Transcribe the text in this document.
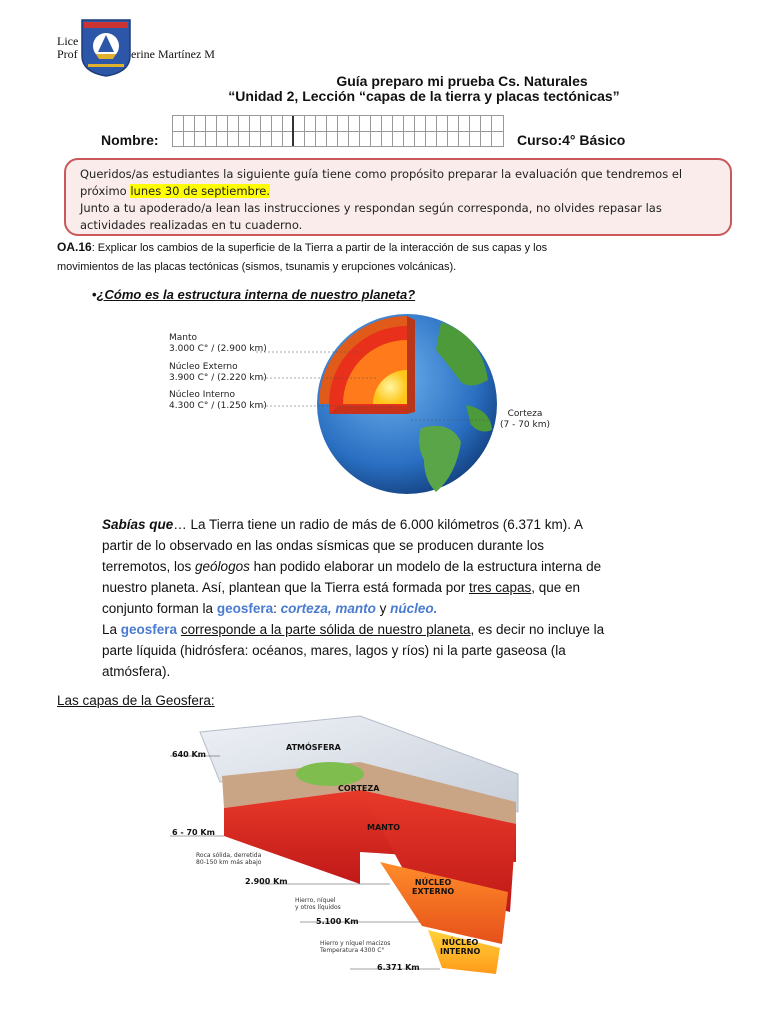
Lice
Prof	erine Martínez M
Guía preparo mi prueba Cs. Naturales
“Unidad 2, Lección “capas de la tierra y placas tectónicas”
Nombre:	Curso:4° Básico
Queridos/as estudiantes la siguiente guía tiene como propósito preparar la evaluación que tendremos el
próximo lunes 30 de septiembre.
Junto a tu apoderado/a lean las instrucciones y respondan según corresponda, no olvides repasar las
actividades realizadas en tu cuaderno.
OA.16: Explicar los cambios de la superficie de la Tierra a partir de la interacción de sus capas y los
movimientos de las placas tectónicas (sismos, tsunamis y erupciones volcánicas).
•¿Cómo es la estructura interna de nuestro planeta?
Manto
3.000 C° / (2.900 km)
Núcleo Externo
3.900 C° / (2.220 km)
Núcleo Interno
4.300 C° / (1.250 km)
Corteza
(7 - 70 km)
Sabías que… La Tierra tiene un radio de más de 6.000 kilómetros (6.371 km). A
partir de lo observado en las ondas sísmicas que se producen durante los
terremotos, los geólogos han podido elaborar un modelo de la estructura interna de
nuestro planeta. Así, plantean que la Tierra está formada por tres capas, que en
conjunto forman la geosfera: corteza, manto y núcleo.
La geosfera corresponde a la parte sólida de nuestro planeta, es decir no incluye la
parte líquida (hidrósfera: océanos, mares, lagos y ríos) ni la parte gaseosa (la
atmósfera).
Las capas de la Geosfera:
640 Km
ATMÓSFERA
CORTEZA
6 - 70 Km
MANTO
Roca sólida, derretida
80-150 km más abajo
2.900 Km	NÚCLEO
EXTERNO
Hierro, níquel
y otros líquidos
5.100 Km
NÚCLEO
INTERNO
Hierro y níquel macizos
Temperatura 4300 C°
6.371 Km
